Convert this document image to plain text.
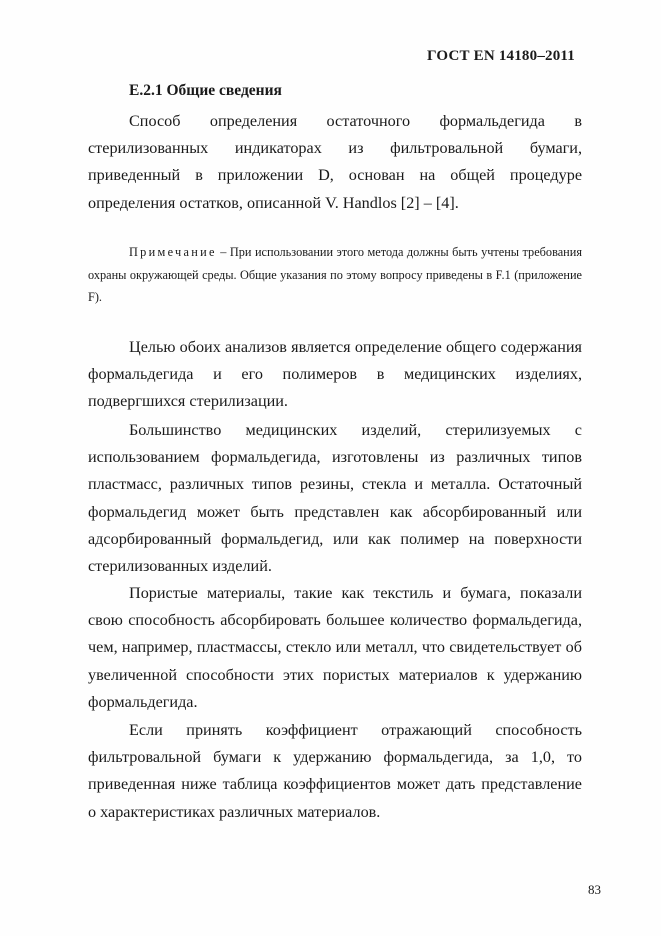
ГОСТ EN 14180–2011
E.2.1 Общие сведения

Способ определения остаточного формальдегида в стерилизованных индикаторах из фильтровальной бумаги, приведенный в приложении D, основан на общей процедуре определения остатков, описанной V. Handlos [2] – [4].

Примечание – При использовании этого метода должны быть учтены требования охраны окружающей среды. Общие указания по этому вопросу приведены в F.1 (приложение F).

Целью обоих анализов является определение общего содержания формальдегида и его полимеров в медицинских изделиях, подвергшихся стерилизации.

Большинство медицинских изделий, стерилизуемых с использованием формальдегида, изготовлены из различных типов пластмасс, различных типов резины, стекла и металла. Остаточный формальдегид может быть представлен как абсорбированный или адсорбированный формальдегид, или как полимер на поверхности стерилизованных изделий.

Пористые материалы, такие как текстиль и бумага, показали свою способность абсорбировать большее количество формальдегида, чем, например, пластмассы, стекло или металл, что свидетельствует об увеличенной способности этих пористых материалов к удержанию формальдегида.

Если принять коэффициент отражающий способность фильтровальной бумаги к удержанию формальдегида, за 1,0, то приведенная ниже таблица коэффициентов может дать представление о характеристиках различных материалов.

83
